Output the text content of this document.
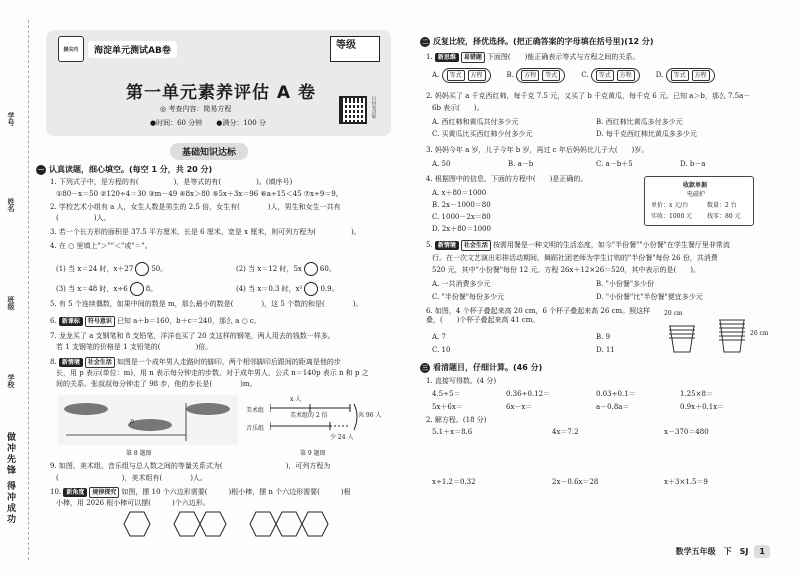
学号
姓名
班级
学校
做冲先锋 得冲成功
提尖巧	海淀单元测试AB卷	等级
第一单元素养评估 A 卷
◎ 考查内容：简易方程
●时间：60 分钟 ●满分：100 分
扫码看讲解
基础知识达标
一 认真读题，细心填空。(每空 1 分，共 20 分)
1. 下列式子中，是方程的有(　　　　　)，是等式的有(　　　　　)。(填序号)
①80－x＝50 ②120÷4＝30 ③m－49 ④8x＞80 ⑤5x＋3x＝96 ⑥a÷15＜45 ⑦x÷9＝9。
2. 学校艺术小组有 a 人，女生人数是男生的 2.5 倍，女生有(　　　　)人，男生和女生一共有
(　　　　　)人。
3. 若一个长方形的面积是 37.5 平方厘米，长是 6 厘米，宽是 x 厘米，则可列方程为(　　　　　)。
4. 在 ○ 里填上"＞""＜"或"＝"。
(1) 当 x＝24 时，x＋27	50。	(2) 当 x＝12 时，5x	60。
(3) 当 x＝48 时，x÷6	8。	(4) 当 x＝0.3 时，x²	0.9。
5. 有 5 个连续偶数，如果中间的数是 m，那么最小的数是(　　　　)，这 5 个数的和是(　　　　)。
6. 新课标 符号意识 已知 a＋b＝160，b＋c＝240，那么 a ○ c。
7. 龙龙买了 a 支钢笔和 8 支铅笔，洋洋也买了 20 支这样的钢笔，两人用去的钱数一样多。
若 1 支钢笔的价格是 1 支铅笔的(　　　　　)倍。
8. 新情境 社会生活 如图是一个成年男人走路时的脚印，两个相邻脚印后跟间的距离是他的步
长，用 p 表示(单位：m)，用 n 表示每分钟走的步数。对于成年男人，公式 n＝140p 表示 n 和 p 之
间的关系。张叔叔每分钟走了 98 步，他的步长是(　　　　)m。
p
第 8 题图
美术组
音乐组
x 人
美术组的 2 倍	共 96 人
少 24 人
第 9 题图
9. 如图，美术组、音乐组与总人数之间的等量关系式为(　　　　　　　　　)，可列方程为
(　　　　　　　　　)，美术组有(　　　　)人。
10. 新角度 规律探究 如图，摆 10 个六边形需要(　　　)根小棒，摆 n 个六边形需要(　　　)根
小棒，用 2026 根小棒可以摆(　　　)个六边形。
二 反复比较，择优选择。(把正确答案的字母填在括号里)(12 分)
1. 新思维 易错题 下面图(　　)能正确表示等式与方程之间的关系。
A.	等式	方程	B.	方程	等式	C.	等式	方程	D.	等式	方程
2. 妈妈买了 a 千克西红柿，每千克 7.5 元，又买了 b 千克黄瓜，每千克 6 元。已知 a＞b，那么 7.5a－
6b 表示(　　)。
A. 西红柿和黄瓜共付多少元	B. 西红柿比黄瓜多付多少元
C. 买黄瓜比买西红柿少付多少元	D. 每千克西红柿比黄瓜多多少元
3. 妈妈今年 a 岁，儿子今年 b 岁，再过 c 年后妈妈比儿子大(　　)岁。
A. 50	B. a－b	C. a－b＋5	D. b－a
4. 根据图中的信息，下面的方程中(　　)是正确的。
A. x＋80＝1000
B. 2x－1000＝80
C. 1000－2x＝80
D. 2x＋80＝1000
收款单据
电磁炉
单价：x 元/台	数量：2 台
实收：1000 元 找零：80 元
5. 新情境 社会生活 按需用餐是一种文明的生活态度，如今"半份餐""小份餐"在学生餐厅里非常流
行。在一次文艺演出彩排活动期间，舞蹈社团老师为学生订购的"半份餐"每份 26 份，共消费
520 元，其中"小份餐"每份 12 元。方程 26x＋12×26＝520，其中表示的是(　　)。
A. 一共消费多少元	B. "小份餐"多少份
C. "半份餐"每份多少元	D. "小份餐"比"半份餐"便宜多少元
6. 如图，4 个杯子叠起来高 20 cm，6 个杯子叠起来高 26 cm。照这样叠，(　　)个杯子叠起来高 41 cm。
A. 7	B. 9
C. 10	D. 11
20 cm
26 cm
三 看清题目，仔细计算。(46 分)
1. 直接写得数。(4 分)
4.5÷5＝	0.36÷0.12＝	0.03÷0.1＝	1.25×8＝
5x＋6x＝	6x－x＝	a－0.8a＝	0.9x＋0.1x＝
2. 解方程。(18 分)
5.1＋x＝8.6	4x＝7.2	x－370＝480
x÷1.2＝0.32	2x－0.6x＝28	x＋3×1.5＝9
数学五年级　下　SJ	1
